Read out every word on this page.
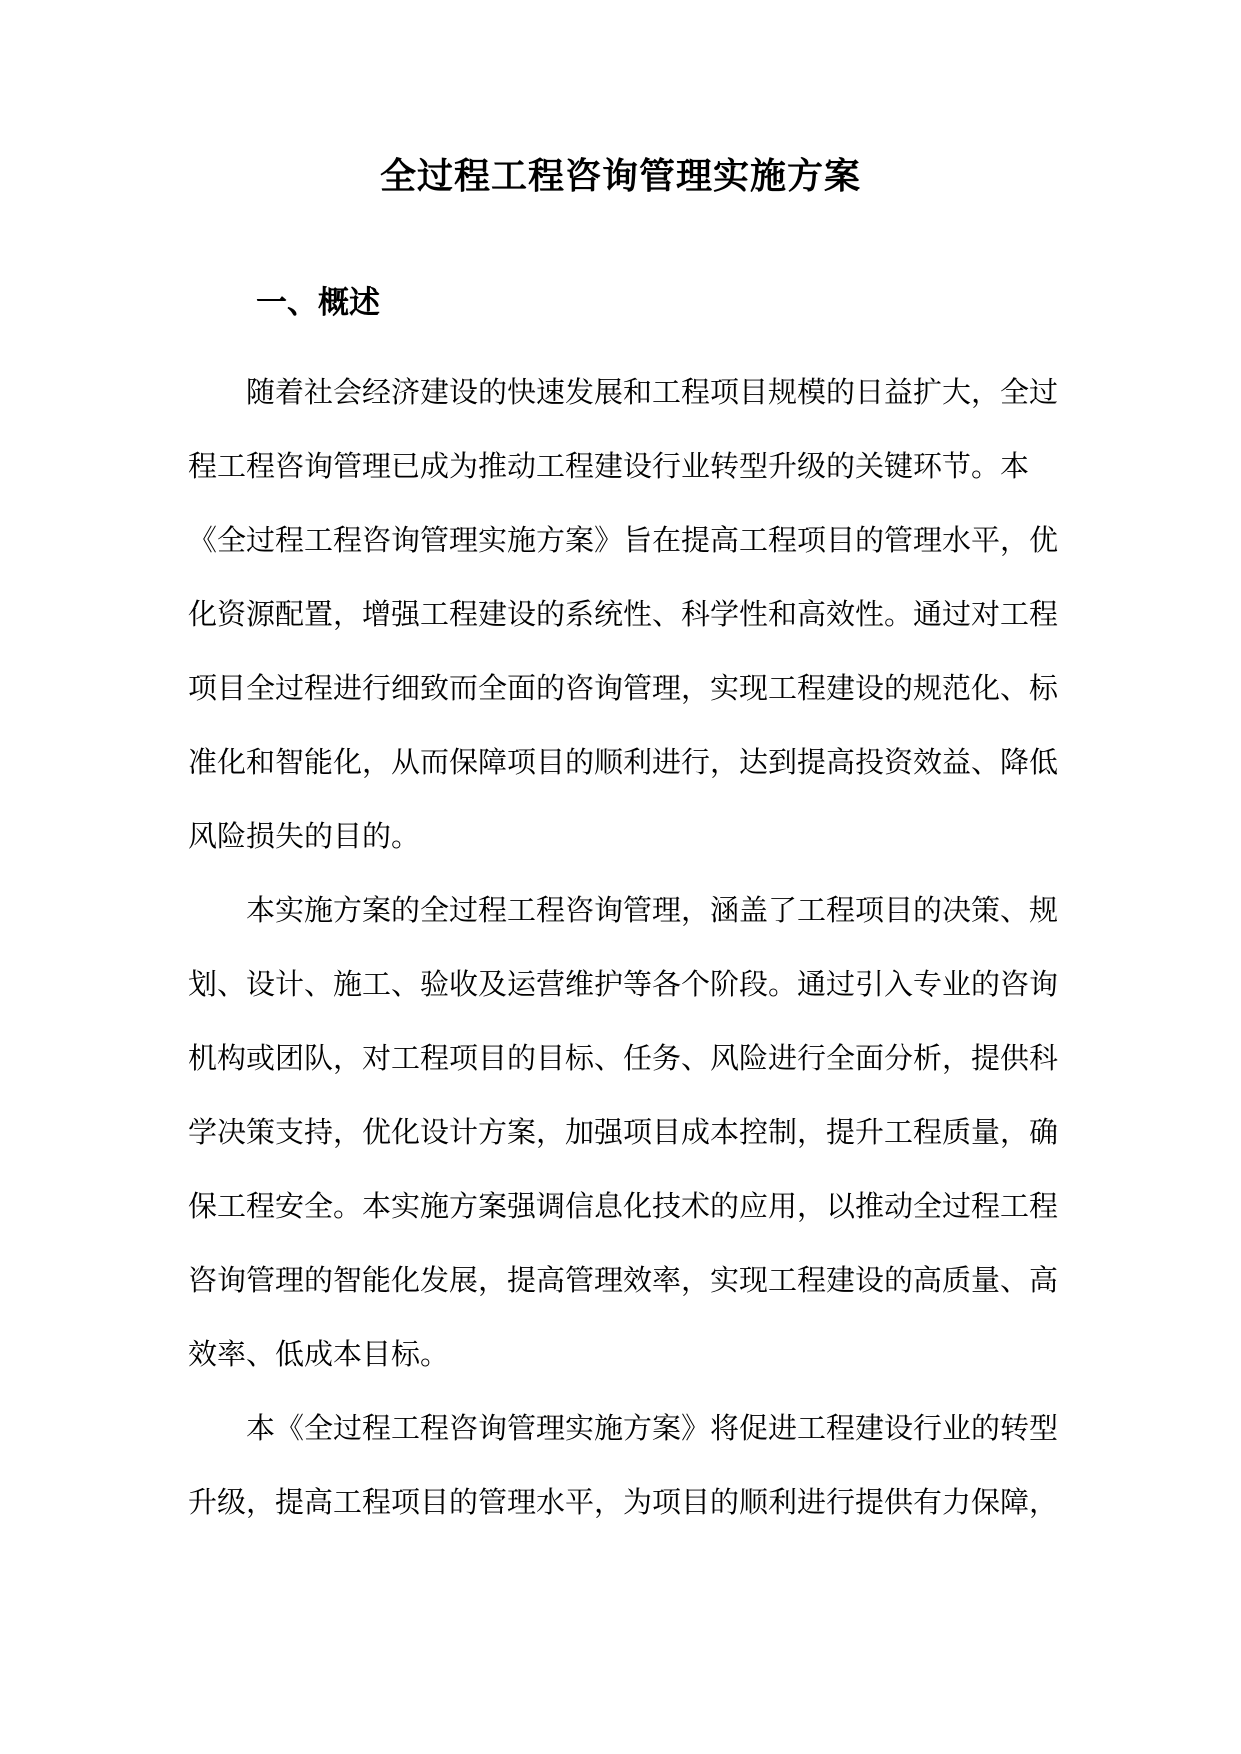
全过程工程咨询管理实施方案
一、概述
随着社会经济建设的快速发展和工程项目规模的日益扩大，全过
程工程咨询管理已成为推动工程建设行业转型升级的关键环节。本
《全过程工程咨询管理实施方案》旨在提高工程项目的管理水平，优
化资源配置，增强工程建设的系统性、科学性和高效性。通过对工程
项目全过程进行细致而全面的咨询管理，实现工程建设的规范化、标
准化和智能化，从而保障项目的顺利进行，达到提高投资效益、降低
风险损失的目的。
本实施方案的全过程工程咨询管理，涵盖了工程项目的决策、规
划、设计、施工、验收及运营维护等各个阶段。通过引入专业的咨询
机构或团队，对工程项目的目标、任务、风险进行全面分析，提供科
学决策支持，优化设计方案，加强项目成本控制，提升工程质量，确
保工程安全。本实施方案强调信息化技术的应用，以推动全过程工程
咨询管理的智能化发展，提高管理效率，实现工程建设的高质量、高
效率、低成本目标。
本《全过程工程咨询管理实施方案》将促进工程建设行业的转型
升级，提高工程项目的管理水平，为项目的顺利进行提供有力保障，
